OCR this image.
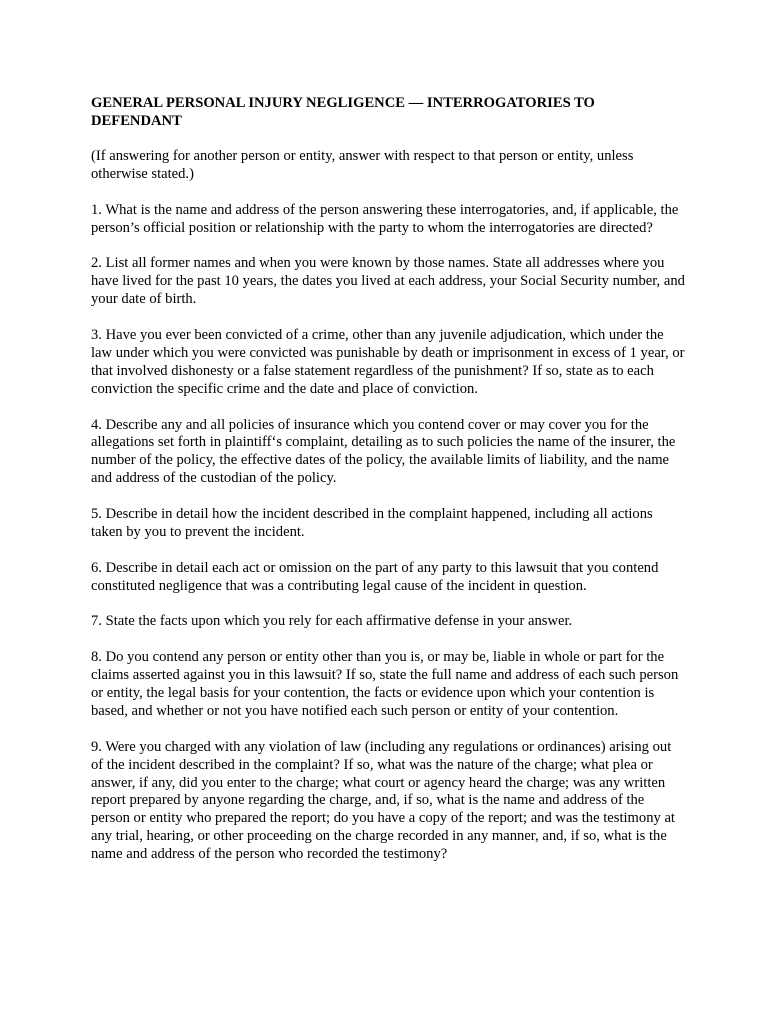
GENERAL PERSONAL INJURY NEGLIGENCE — INTERROGATORIES TO DEFENDANT
(If answering for another person or entity, answer with respect to that person or entity, unless otherwise stated.)
1. What is the name and address of the person answering these interrogatories, and, if applicable, the person’s official position or relationship with the party to whom the interrogatories are directed?
2. List all former names and when you were known by those names. State all addresses where you have lived for the past 10 years, the dates you lived at each address, your Social Security number, and your date of birth.
3. Have you ever been convicted of a crime, other than any juvenile adjudication, which under the law under which you were convicted was punishable by death or imprisonment in excess of 1 year, or that involved dishonesty or a false statement regardless of the punishment? If so, state as to each conviction the specific crime and the date and place of conviction.
4. Describe any and all policies of insurance which you contend cover or may cover you for the allegations set forth in plaintiff‘s complaint, detailing as to such policies the name of the insurer, the number of the policy, the effective dates of the policy, the available limits of liability, and the name and address of the custodian of the policy.
5. Describe in detail how the incident described in the complaint happened, including all actions taken by you to prevent the incident.
6. Describe in detail each act or omission on the part of any party to this lawsuit that you contend constituted negligence that was a contributing legal cause of the incident in question.
7. State the facts upon which you rely for each affirmative defense in your answer.
8. Do you contend any person or entity other than you is, or may be, liable in whole or part for the claims asserted against you in this lawsuit? If so, state the full name and address of each such person or entity, the legal basis for your contention, the facts or evidence upon which your contention is based, and whether or not you have notified each such person or entity of your contention.
9. Were you charged with any violation of law (including any regulations or ordinances) arising out of the incident described in the complaint? If so, what was the nature of the charge; what plea or answer, if any, did you enter to the charge; what court or agency heard the charge; was any written report prepared by anyone regarding the charge, and, if so, what is the name and address of the person or entity who prepared the report; do you have a copy of the report; and was the testimony at any trial, hearing, or other proceeding on the charge recorded in any manner, and, if so, what is the name and address of the person who recorded the testimony?
